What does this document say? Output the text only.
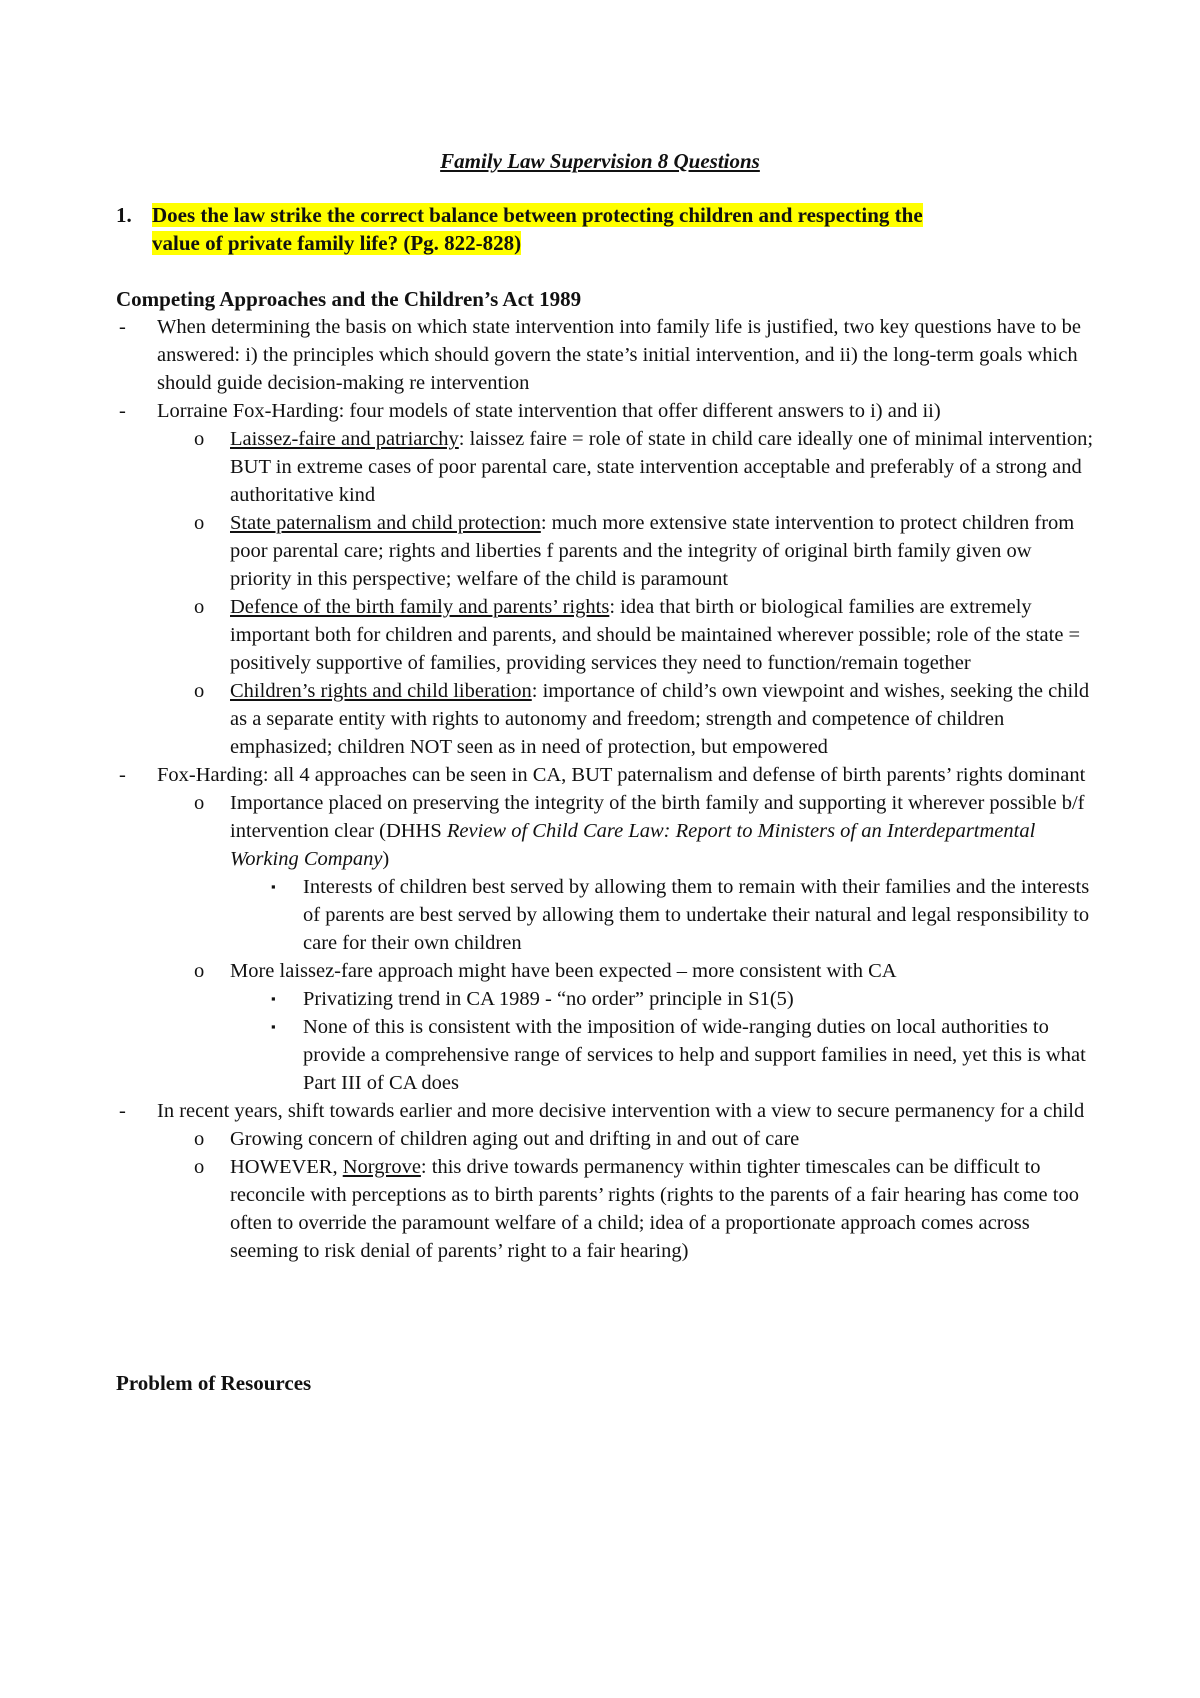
Family Law Supervision 8 Questions
1. Does the law strike the correct balance between protecting children and respecting the
value of private family life? (Pg. 822-828)
Competing Approaches and the Children’s Act 1989
- When determining the basis on which state intervention into family life is justified, two key questions have to be answered: i) the principles which should govern the state’s initial intervention, and ii) the long-term goals which should guide decision-making re intervention
- Lorraine Fox-Harding: four models of state intervention that offer different answers to i) and ii)
o Laissez-faire and patriarchy: laissez faire = role of state in child care ideally one of minimal intervention; BUT in extreme cases of poor parental care, state intervention acceptable and preferably of a strong and authoritative kind
o State paternalism and child protection: much more extensive state intervention to protect children from poor parental care; rights and liberties f parents and the integrity of original birth family given ow priority in this perspective; welfare of the child is paramount
o Defence of the birth family and parents’ rights: idea that birth or biological families are extremely important both for children and parents, and should be maintained wherever possible; role of the state = positively supportive of families, providing services they need to function/remain together
o Children’s rights and child liberation: importance of child’s own viewpoint and wishes, seeking the child as a separate entity with rights to autonomy and freedom; strength and competence of children emphasized; children NOT seen as in need of protection, but empowered
- Fox-Harding: all 4 approaches can be seen in CA, BUT paternalism and defense of birth parents’ rights dominant
o Importance placed on preserving the integrity of the birth family and supporting it wherever possible b/f intervention clear (DHHS Review of Child Care Law: Report to Ministers of an Interdepartmental Working Company)
▪ Interests of children best served by allowing them to remain with their families and the interests of parents are best served by allowing them to undertake their natural and legal responsibility to care for their own children
o More laissez-fare approach might have been expected – more consistent with CA
▪ Privatizing trend in CA 1989 - “no order” principle in S1(5)
▪ None of this is consistent with the imposition of wide-ranging duties on local authorities to provide a comprehensive range of services to help and support families in need, yet this is what Part III of CA does
- In recent years, shift towards earlier and more decisive intervention with a view to secure permanency for a child
o Growing concern of children aging out and drifting in and out of care
o HOWEVER, Norgrove: this drive towards permanency within tighter timescales can be difficult to reconcile with perceptions as to birth parents’ rights (rights to the parents of a fair hearing has come too often to override the paramount welfare of a child; idea of a proportionate approach comes across seeming to risk denial of parents’ right to a fair hearing)
Problem of Resources
